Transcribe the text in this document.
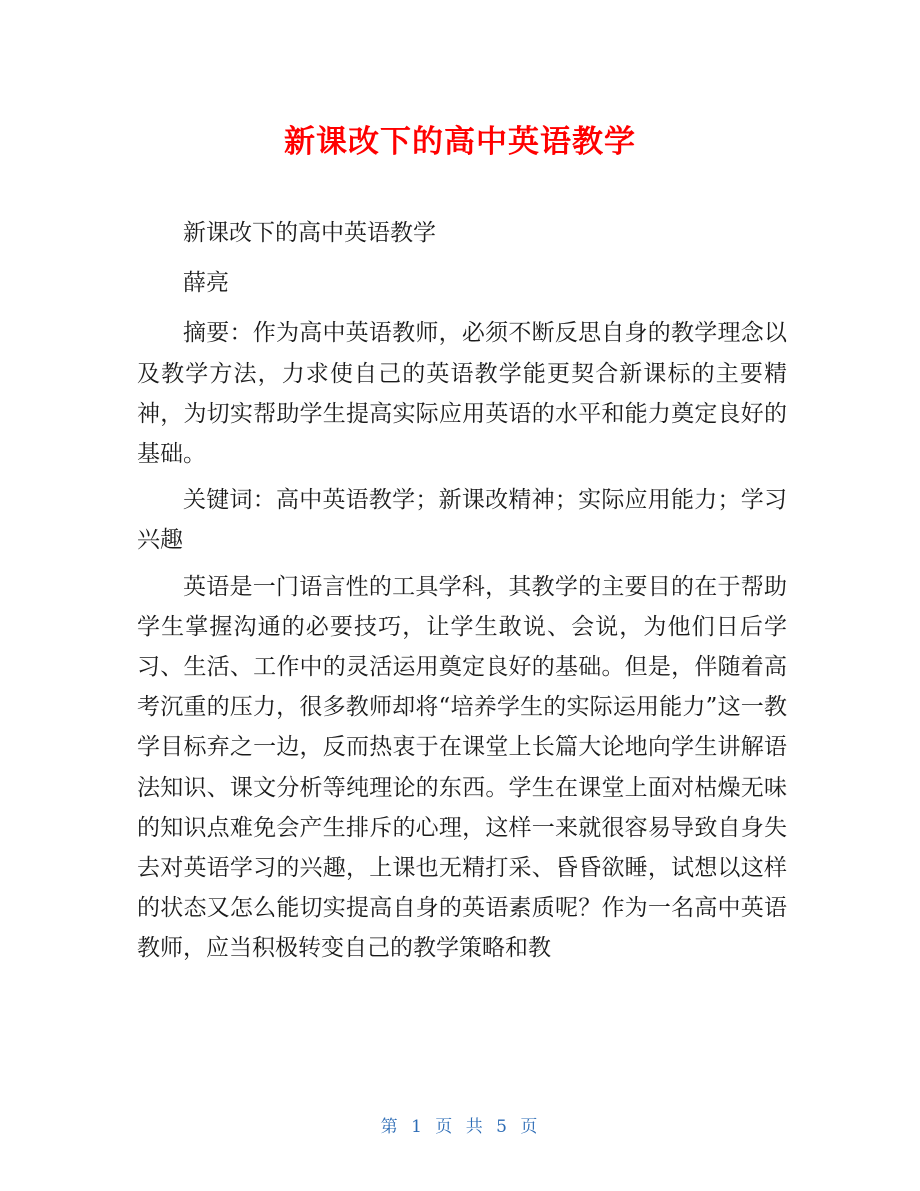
新课改下的高中英语教学

新课改下的高中英语教学

薛亮

摘要：作为高中英语教师，必须不断反思自身的教学理念以及教学方法，力求使自己的英语教学能更契合新课标的主要精神，为切实帮助学生提高实际应用英语的水平和能力奠定良好的基础。

关键词：高中英语教学；新课改精神；实际应用能力；学习兴趣

英语是一门语言性的工具学科，其教学的主要目的在于帮助学生掌握沟通的必要技巧，让学生敢说、会说，为他们日后学习、生活、工作中的灵活运用奠定良好的基础。但是，伴随着高考沉重的压力，很多教师却将“培养学生的实际运用能力”这一教学目标弃之一边，反而热衷于在课堂上长篇大论地向学生讲解语法知识、课文分析等纯理论的东西。学生在课堂上面对枯燥无味的知识点难免会产生排斥的心理，这样一来就很容易导致自身失去对英语学习的兴趣，上课也无精打采、昏昏欲睡，试想以这样的状态又怎么能切实提高自身的英语素质呢？作为一名高中英语教师，应当积极转变自己的教学策略和教

第 1 页 共 5 页
